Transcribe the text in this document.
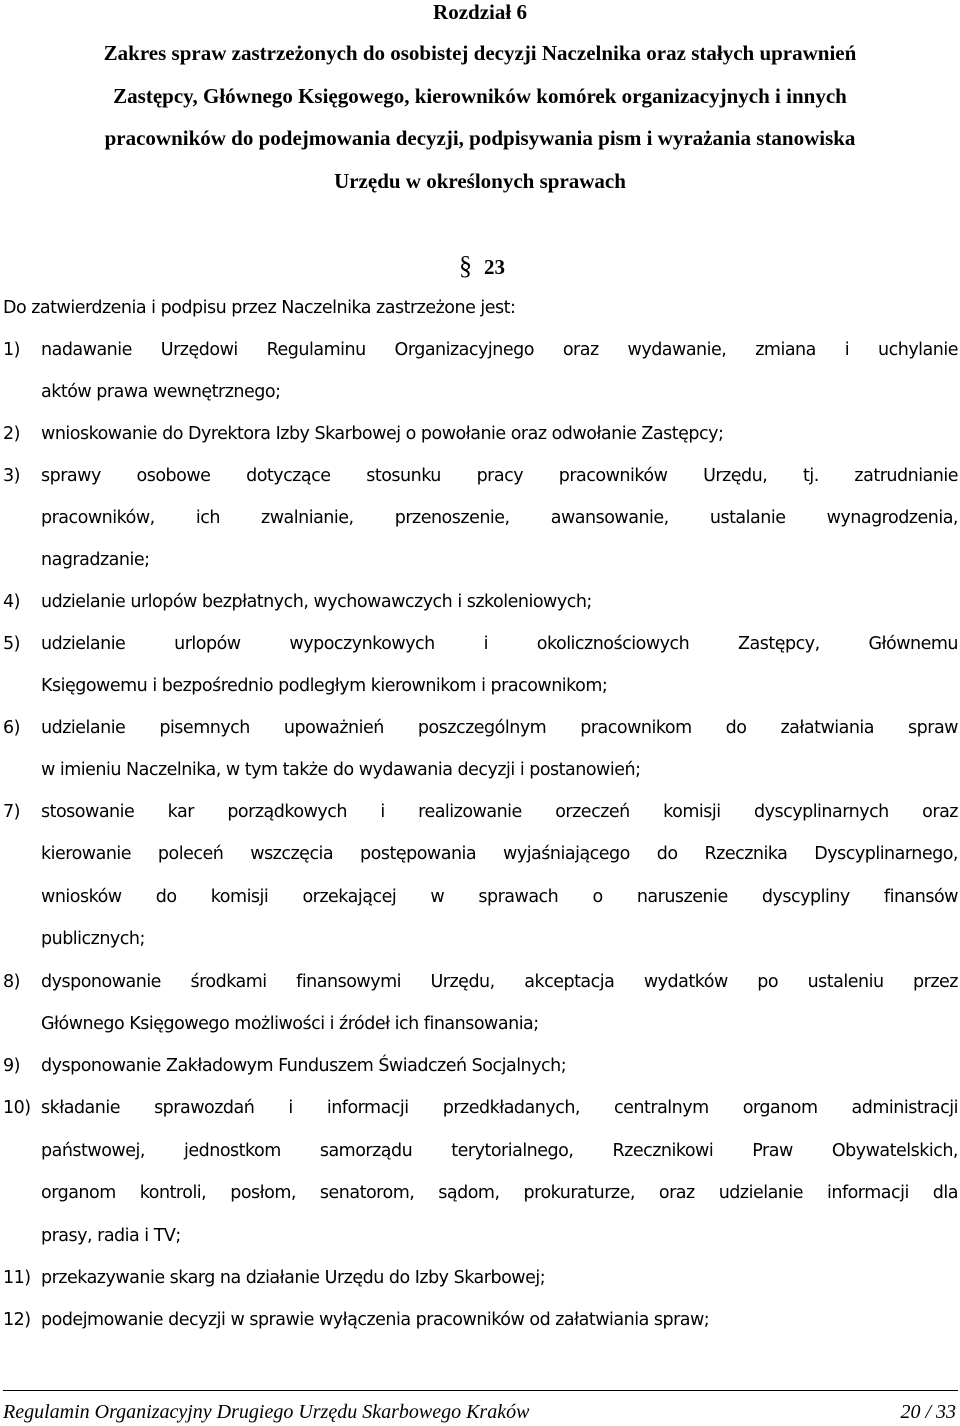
Rozdział 6
Zakres spraw zastrzeżonych do osobistej decyzji Naczelnika oraz stałych uprawnień
Zastępcy, Głównego Księgowego, kierowników komórek organizacyjnych i innych
pracowników do podejmowania decyzji, podpisywania pism i wyrażania stanowiska
Urzędu w określonych sprawach
§ 23
Do zatwierdzenia i podpisu przez Naczelnika zastrzeżone jest:
1) nadawanie Urzędowi Regulaminu Organizacyjnego oraz wydawanie, zmiana i uchylanie
aktów prawa wewnętrznego;
2) wnioskowanie do Dyrektora Izby Skarbowej o powołanie oraz odwołanie Zastępcy;
3) sprawy osobowe dotyczące stosunku pracy pracowników Urzędu, tj. zatrudnianie
pracowników, ich zwalnianie, przenoszenie, awansowanie, ustalanie wynagrodzenia,
nagradzanie;
4) udzielanie urlopów bezpłatnych, wychowawczych i szkoleniowych;
5) udzielanie urlopów wypoczynkowych i okolicznościowych Zastępcy, Głównemu
Księgowemu i bezpośrednio podległym kierownikom i pracownikom;
6) udzielanie pisemnych upoważnień poszczególnym pracownikom do załatwiania spraw
w imieniu Naczelnika, w tym także do wydawania decyzji i postanowień;
7) stosowanie kar porządkowych i realizowanie orzeczeń komisji dyscyplinarnych oraz
kierowanie poleceń wszczęcia postępowania wyjaśniającego do Rzecznika Dyscyplinarnego,
wniosków do komisji orzekającej w sprawach o naruszenie dyscypliny finansów
publicznych;
8) dysponowanie środkami finansowymi Urzędu, akceptacja wydatków po ustaleniu przez
Głównego Księgowego możliwości i źródeł ich finansowania;
9) dysponowanie Zakładowym Funduszem Świadczeń Socjalnych;
10) składanie sprawozdań i informacji przedkładanych, centralnym organom administracji
państwowej, jednostkom samorządu terytorialnego, Rzecznikowi Praw Obywatelskich,
organom kontroli, posłom, senatorom, sądom, prokuraturze, oraz udzielanie informacji dla
prasy, radia i TV;
11) przekazywanie skarg na działanie Urzędu do Izby Skarbowej;
12) podejmowanie decyzji w sprawie wyłączenia pracowników od załatwiania spraw;
Regulamin Organizacyjny Drugiego Urzędu Skarbowego Kraków	20 / 33
